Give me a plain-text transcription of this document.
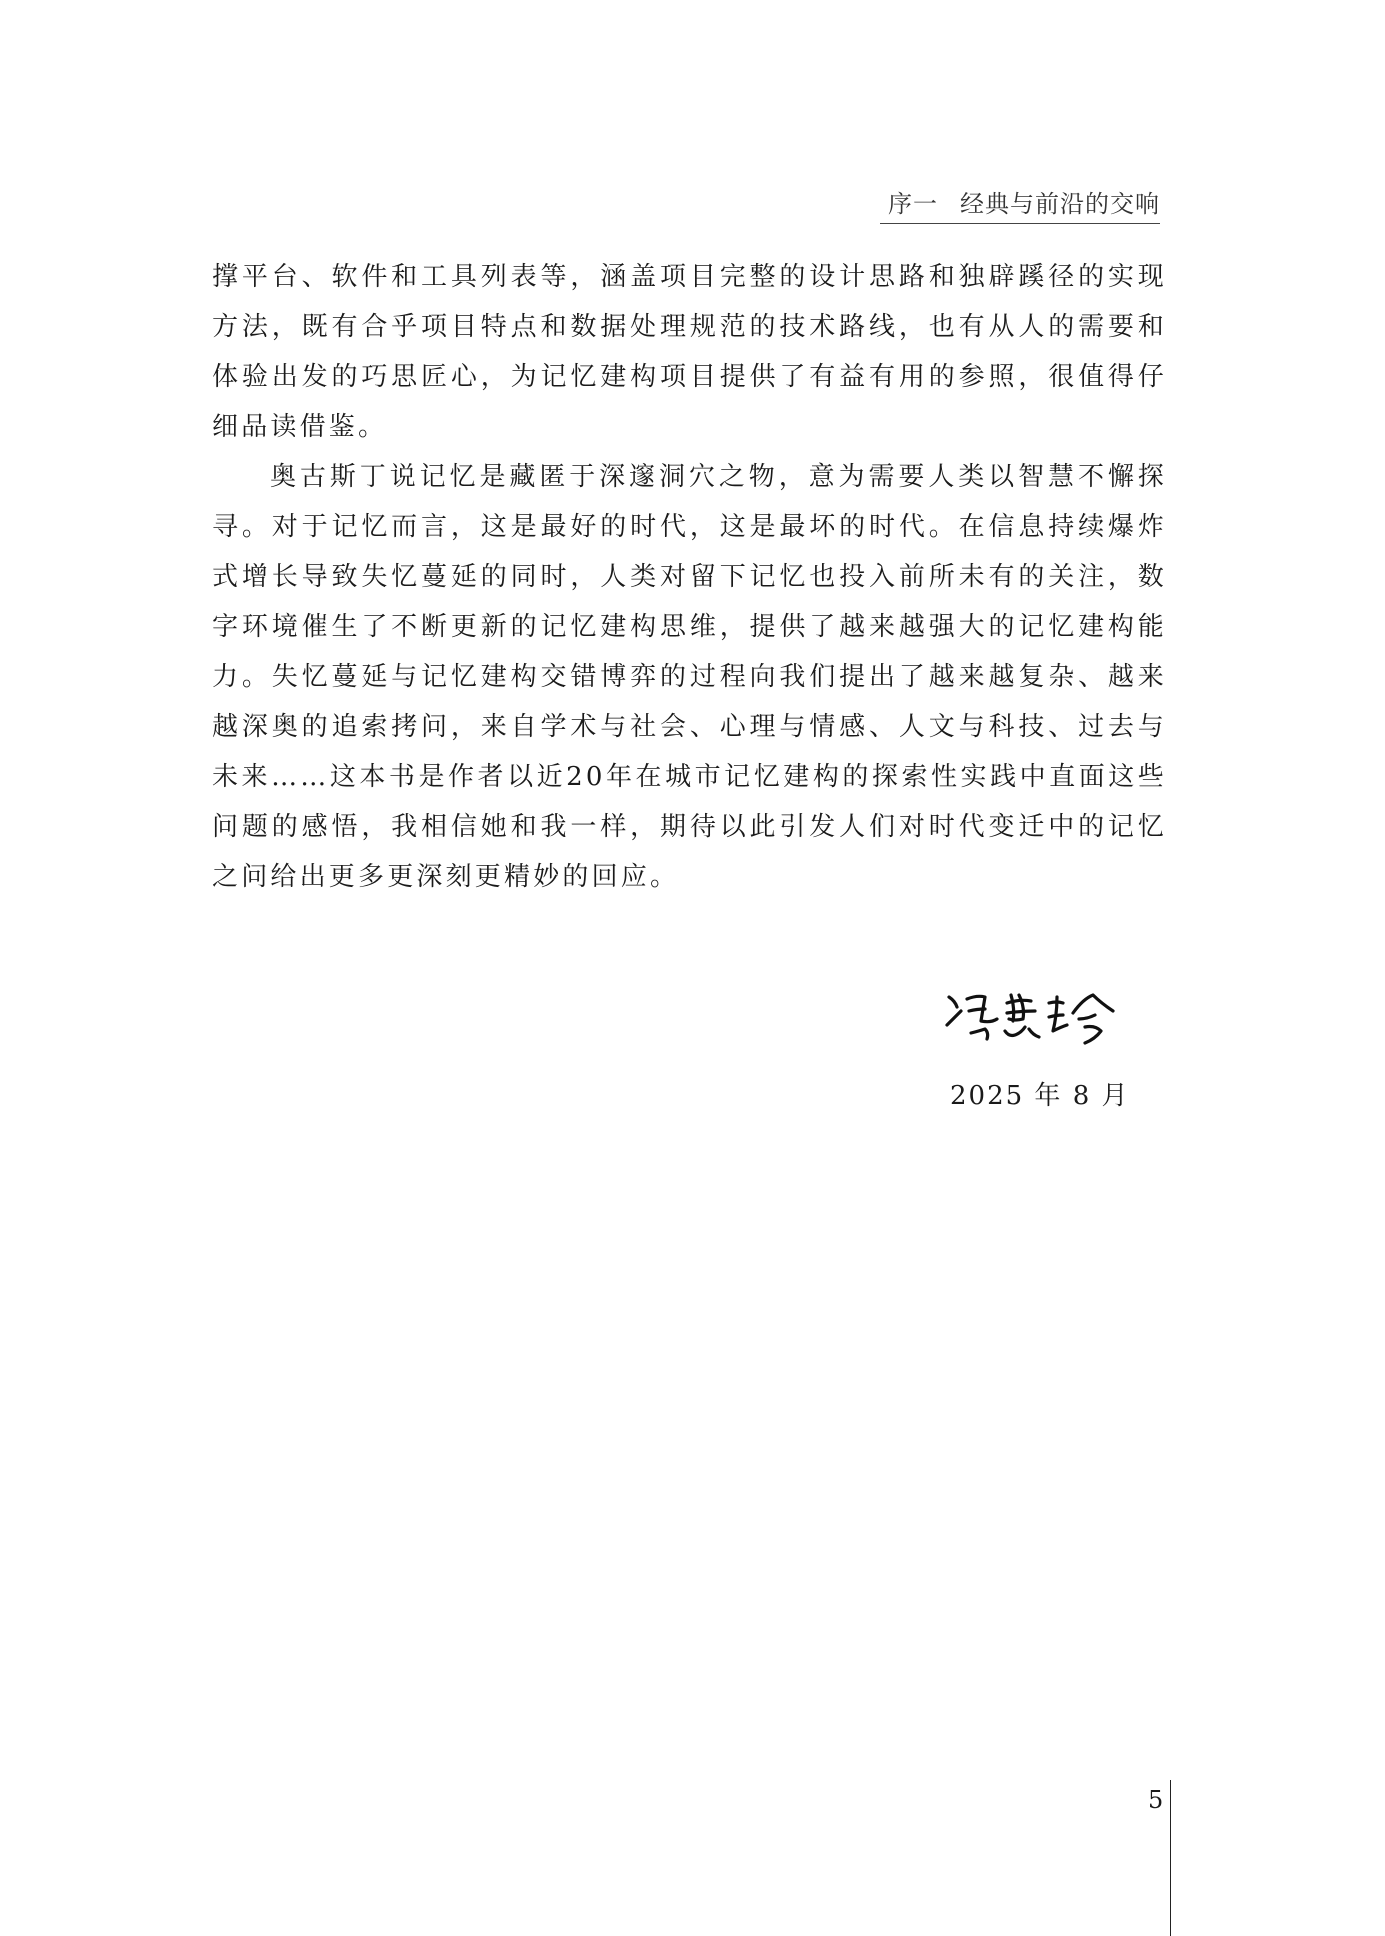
序一 经典与前沿的交响

撑平台、软件和工具列表等，涵盖项目完整的设计思路和独辟蹊径的实现方法，既有合乎项目特点和数据处理规范的技术路线，也有从人的需要和体验出发的巧思匠心，为记忆建构项目提供了有益有用的参照，很值得仔细品读借鉴。

奥古斯丁说记忆是藏匿于深邃洞穴之物，意为需要人类以智慧不懈探寻。对于记忆而言，这是最好的时代，这是最坏的时代。在信息持续爆炸式增长导致失忆蔓延的同时，人类对留下记忆也投入前所未有的关注，数字环境催生了不断更新的记忆建构思维，提供了越来越强大的记忆建构能力。失忆蔓延与记忆建构交错博弈的过程向我们提出了越来越复杂、越来越深奥的追索拷问，来自学术与社会、心理与情感、人文与科技、过去与未来……这本书是作者以近20年在城市记忆建构的探索性实践中直面这些问题的感悟，我相信她和我一样，期待以此引发人们对时代变迁中的记忆之问给出更多更深刻更精妙的回应。

2025 年 8 月
5
